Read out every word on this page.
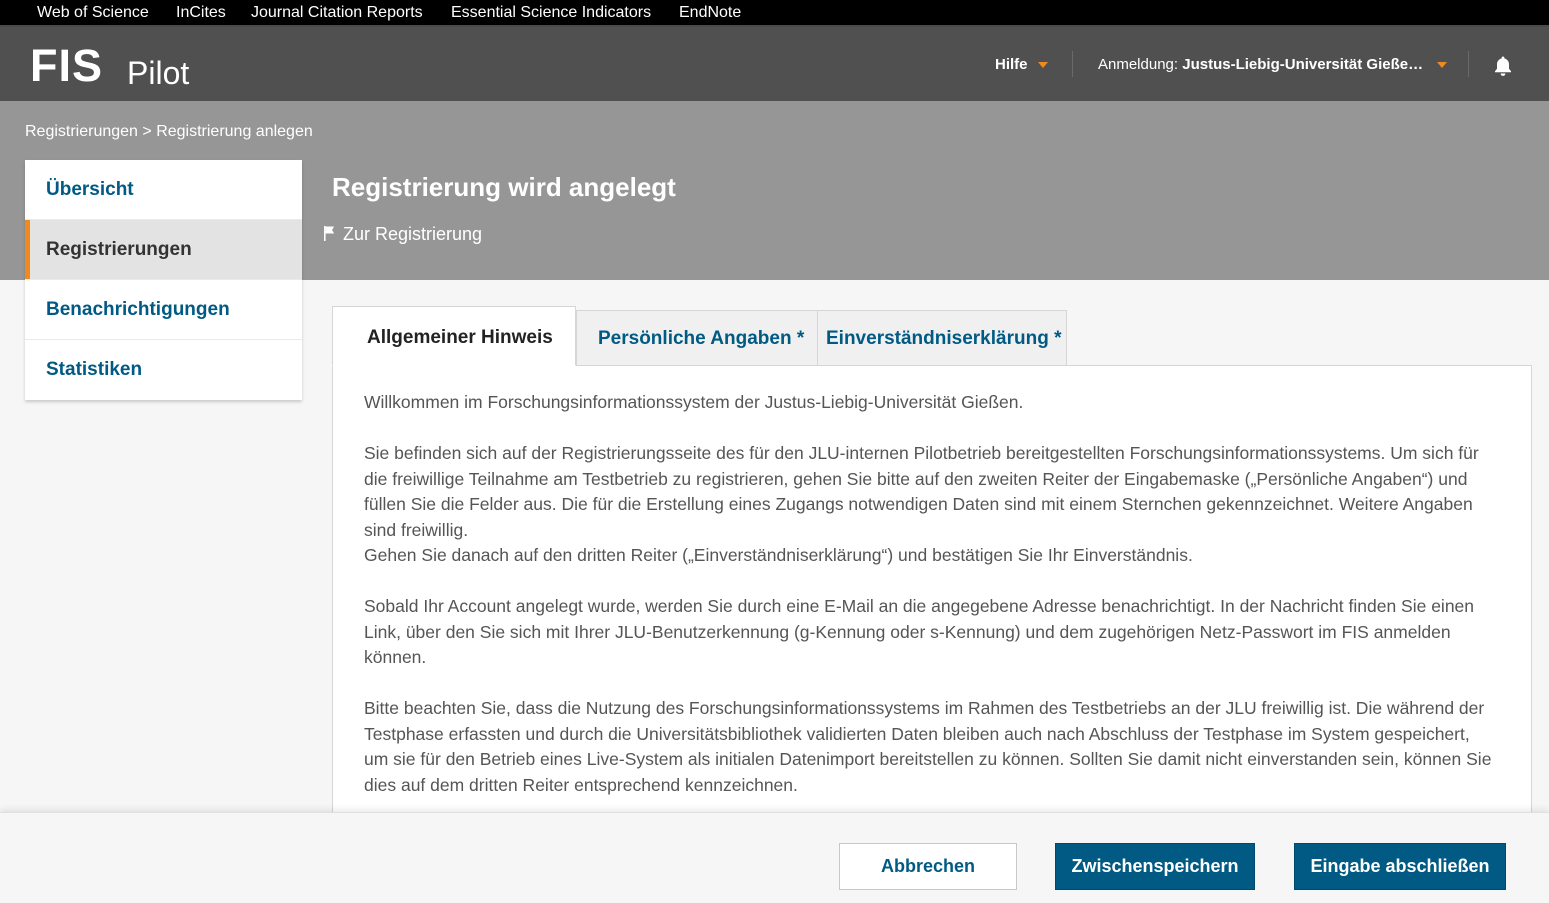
Web of Science InCites Journal Citation Reports Essential Science Indicators EndNote
FIS Pilot	Hilfe	Anmeldung: Justus-Liebig-Universität Gieße…
Registrierungen > Registrierung anlegen
Registrierung wird angelegt
Zur Registrierung
Übersicht
Registrierungen
Benachrichtigungen
Statistiken
Allgemeiner Hinweis Persönliche Angaben * Einverständniserklärung *

Willkommen im Forschungsinformationssystem der Justus-Liebig-Universität Gießen.

Sie befinden sich auf der Registrierungsseite des für den JLU-internen Pilotbetrieb bereitgestellten Forschungsinformationssystems. Um sich für die freiwillige Teilnahme am Testbetrieb zu registrieren, gehen Sie bitte auf den zweiten Reiter der Eingabemaske („Persönliche Angaben“) und füllen Sie die Felder aus. Die für die Erstellung eines Zugangs notwendigen Daten sind mit einem Sternchen gekennzeichnet. Weitere Angaben sind freiwillig.

Gehen Sie danach auf den dritten Reiter („Einverständniserklärung“) und bestätigen Sie Ihr Einverständnis.

Sobald Ihr Account angelegt wurde, werden Sie durch eine E-Mail an die angegebene Adresse benachrichtigt. In der Nachricht finden Sie einen Link, über den Sie sich mit Ihrer JLU-Benutzerkennung (g-Kennung oder s-Kennung) und dem zugehörigen Netz-Passwort im FIS anmelden können.

Bitte beachten Sie, dass die Nutzung des Forschungsinformationssystems im Rahmen des Testbetriebs an der JLU freiwillig ist. Die während der Testphase erfassten und durch die Universitätsbibliothek validierten Daten bleiben auch nach Abschluss der Testphase im System gespeichert, um sie für den Betrieb eines Live-System als initialen Datenimport bereitstellen zu können. Sollten Sie damit nicht einverstanden sein, können Sie dies auf dem dritten Reiter entsprechend kennzeichnen.

Abbrechen	Zwischenspeichern	Eingabe abschließen
